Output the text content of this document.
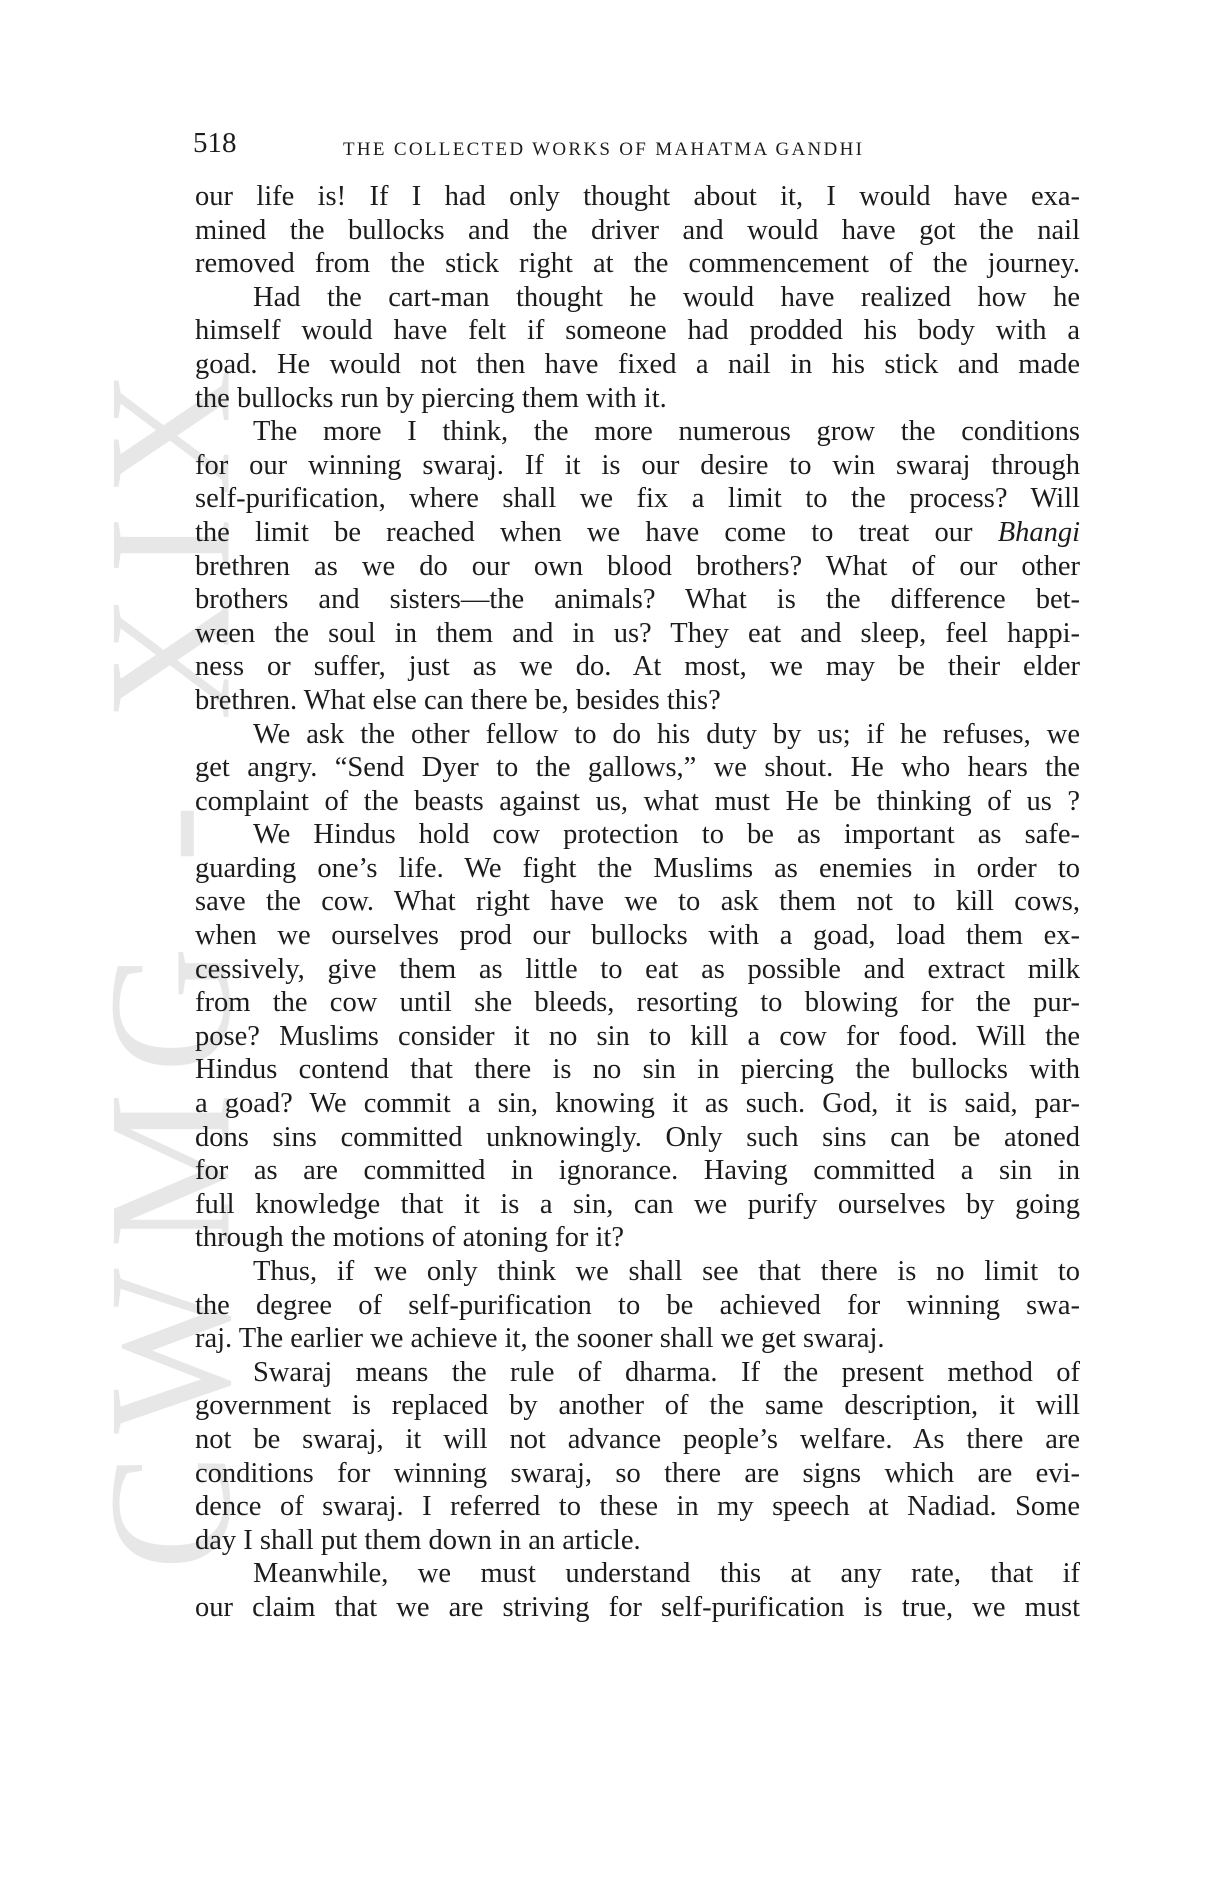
CWMG - XIX
518	THE COLLECTED WORKS OF MAHATMA GANDHI

our life is! If I had only thought about it, I would have exa-
mined the bullocks and the driver and would have got the nail
removed from the stick right at the commencement of the journey.

Had the cart-man thought he would have realized how he
himself would have felt if someone had prodded his body with a
goad. He would not then have fixed a nail in his stick and made
the bullocks run by piercing them with it.

The more I think, the more numerous grow the conditions
for our winning swaraj. If it is our desire to win swaraj through
self-purification, where shall we fix a limit to the process? Will
the limit be reached when we have come to treat our Bhangi
brethren as we do our own blood brothers? What of our other
brothers and sisters—the animals? What is the difference bet-
ween the soul in them and in us? They eat and sleep, feel happi-
ness or suffer, just as we do. At most, we may be their elder
brethren. What else can there be, besides this?

We ask the other fellow to do his duty by us; if he refuses, we
get angry. “Send Dyer to the gallows,” we shout. He who hears the
complaint of the beasts against us, what must He be thinking of us ?

We Hindus hold cow protection to be as important as safe-
guarding one’s life. We fight the Muslims as enemies in order to
save the cow. What right have we to ask them not to kill cows,
when we ourselves prod our bullocks with a goad, load them ex-
cessively, give them as little to eat as possible and extract milk
from the cow until she bleeds, resorting to blowing for the pur-
pose? Muslims consider it no sin to kill a cow for food. Will the
Hindus contend that there is no sin in piercing the bullocks with
a goad? We commit a sin, knowing it as such. God, it is said, par-
dons sins committed unknowingly. Only such sins can be atoned
for as are committed in ignorance. Having committed a sin in
full knowledge that it is a sin, can we purify ourselves by going
through the motions of atoning for it?

Thus, if we only think we shall see that there is no limit to
the degree of self-purification to be achieved for winning swa-
raj. The earlier we achieve it, the sooner shall we get swaraj.

Swaraj means the rule of dharma. If the present method of
government is replaced by another of the same description, it will
not be swaraj, it will not advance people’s welfare. As there are
conditions for winning swaraj, so there are signs which are evi-
dence of swaraj. I referred to these in my speech at Nadiad. Some
day I shall put them down in an article.

Meanwhile, we must understand this at any rate, that if
our claim that we are striving for self-purification is true, we must
